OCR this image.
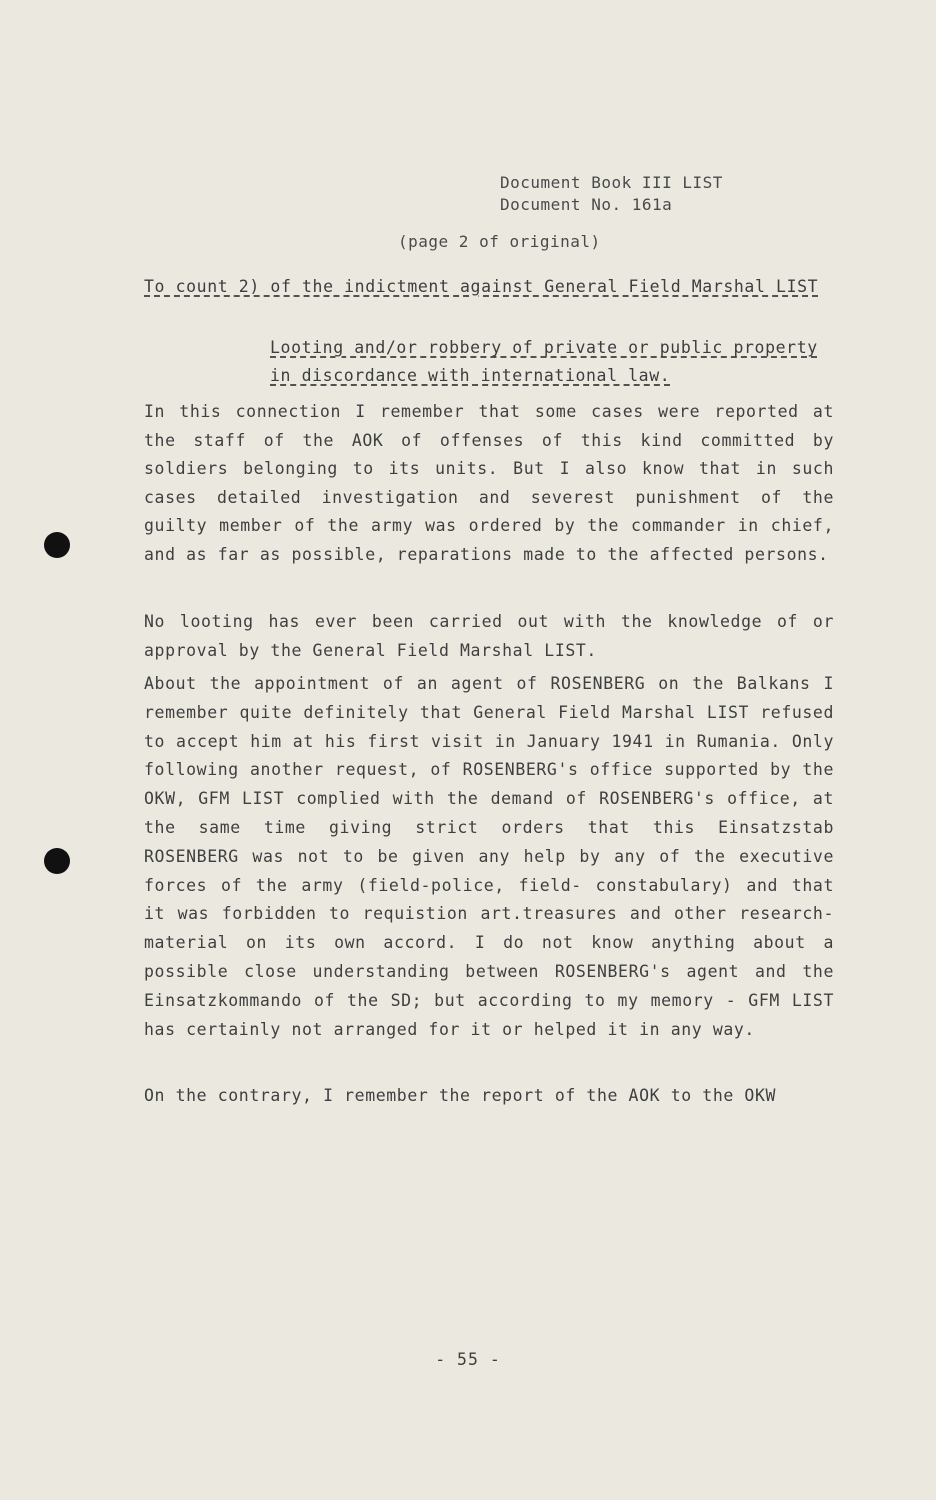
Document Book III LIST
Document No. 161a
(page 2 of original)
To count 2) of the indictment against General Field Marshal LIST
Looting and/or robbery of private or public property in discordance with international law.
In this connection I remember that some cases were reported at the staff of the AOK of offenses of this kind committed by soldiers belonging to its units. But I also know that in such cases detailed investigation and severest punishment of the guilty member of the army was ordered by the commander in chief, and as far as possible, reparations made to the affected persons.
No looting has ever been carried out with the knowledge of or approval by the General Field Marshal LIST.
About the appointment of an agent of ROSENBERG on the Balkans I remember quite definitely that General Field Marshal LIST refused to accept him at his first visit in January 1941 in Rumania. Only following another request, of ROSENBERG's office supported by the OKW, GFM LIST complied with the demand of ROSENBERG's office, at the same time giving strict orders that this Einsatzstab ROSENBERG was not to be given any help by any of the executive forces of the army (field-police, field- constabulary) and that it was forbidden to requistion art.treasures and other research-material on its own accord. I do not know anything about a possible close understanding between ROSENBERG's agent and the Einsatzkommando of the SD; but according to my memory - GFM LIST has certainly not arranged for it or helped it in any way.
On the contrary, I remember the report of the AOK to the OKW
- 55 -
